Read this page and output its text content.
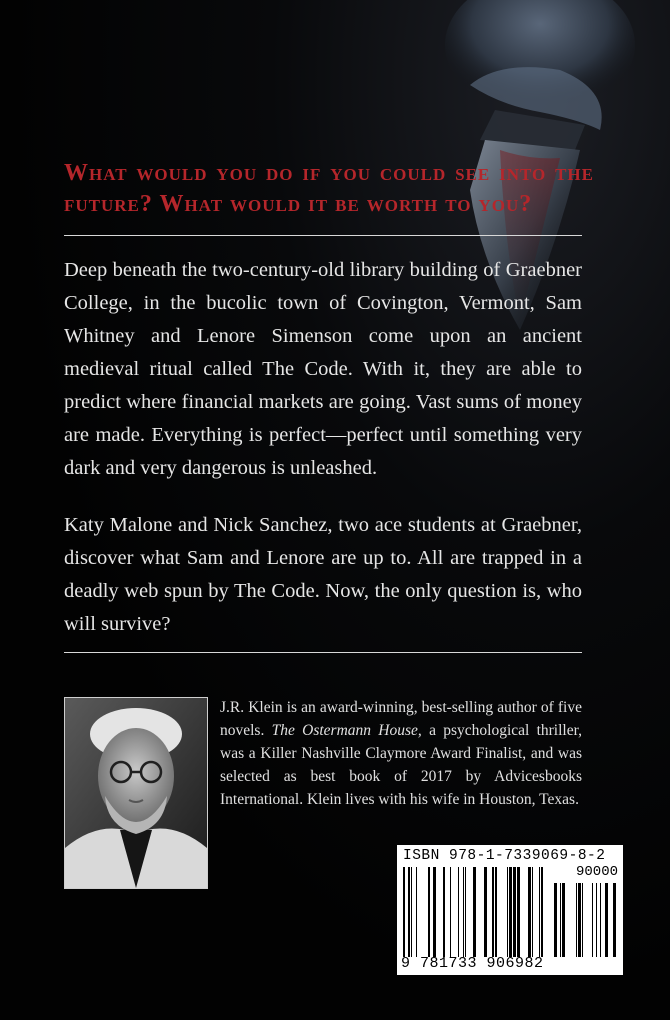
What would you do if you could see into the future? What would it be worth to you?

Deep beneath the two-century-old library building of Graebner College, in the bucolic town of Covington, Vermont, Sam Whitney and Lenore Simenson come upon an ancient medieval ritual called The Code. With it, they are able to predict where financial markets are going. Vast sums of money are made. Everything is perfect—perfect until something very dark and very dangerous is unleashed.

Katy Malone and Nick Sanchez, two ace students at Graebner, discover what Sam and Lenore are up to. All are trapped in a deadly web spun by The Code. Now, the only question is, who will survive?

J.R. Klein is an award-winning, best-selling author of five novels. The Ostermann House, a psychological thriller, was a Killer Nashville Claymore Award Finalist, and was selected as best book of 2017 by Advicesbooks International. Klein lives with his wife in Houston, Texas.

ISBN 978-1-7339069-8-2
90000
9 781733 906982
